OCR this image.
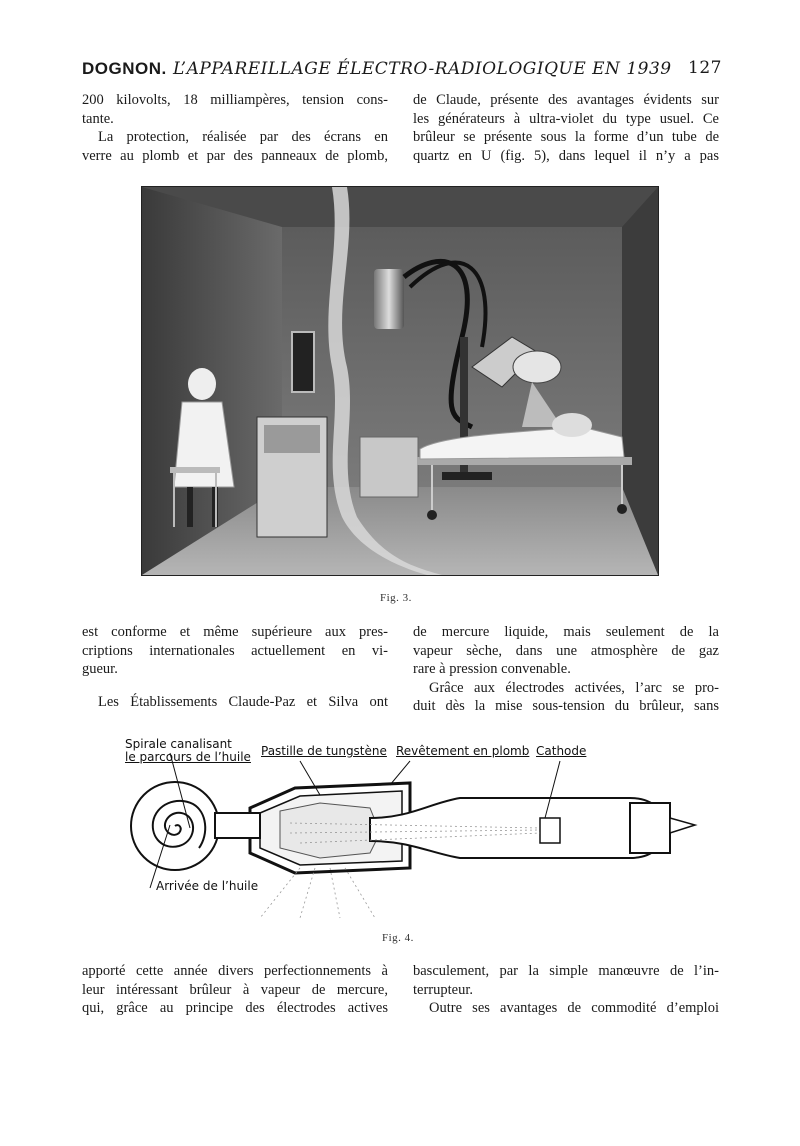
DOGNON. L’APPAREILLAGE ÉLECTRO-RADIOLOGIQUE EN 1939 127
200 kilovolts, 18 milliampères, tension cons-
tante.
La protection, réalisée par des écrans en
verre au plomb et par des panneaux de plomb,
de Claude, présente des avantages évidents sur
les générateurs à ultra-violet du type usuel. Ce
brûleur se présente sous la forme d’un tube de
quartz en U (fig. 5), dans lequel il n’y a pas
Fig. 3.
est conforme et même supérieure aux pres-
criptions internationales actuellement en vi-
gueur.
Les Établissements Claude-Paz et Silva ont
de mercure liquide, mais seulement de la
vapeur sèche, dans une atmosphère de gaz
rare à pression convenable.
Grâce aux électrodes activées, l’arc se pro-
duit dès la mise sous-tension du brûleur, sans
Spirale canalisant
le parcours de l’huile Pastille de tungstène Revêtement en plomb Cathode
Arrivée de l’huile
Fig. 4.
apporté cette année divers perfectionnements à
leur intéressant brûleur à vapeur de mercure,
qui, grâce au principe des électrodes actives
basculement, par la simple manœuvre de l’in-
terrupteur.
Outre ses avantages de commodité d’emploi
